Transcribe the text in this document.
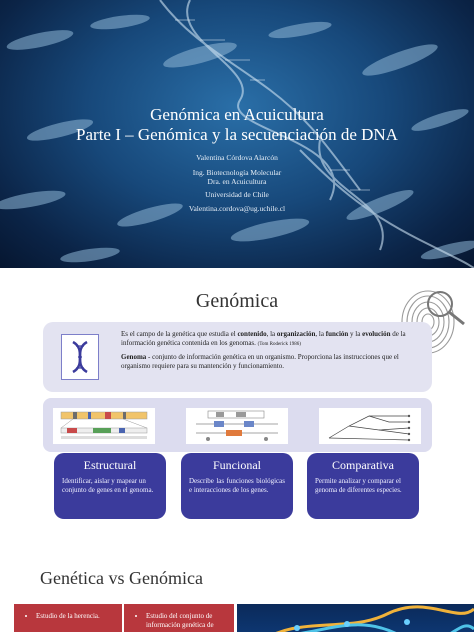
Genómica en Acuicultura
Parte I – Genómica y la secuenciación de DNA
Valentina Córdova Alarcón
Ing. Biotecnología Molecular
Dra. en Acuicultura
Universidad de Chile
Valentina.cordova@ug.uchile.cl
Genómica
Es el campo de la genética que estudia el contenido, la organización, la función y la evolución de la información genética contenida en los genomas. (Tom Roderick 1986)
Genoma - conjunto de información genética en un organismo. Proporciona las instrucciones que el organismo requiere para su mantención y funcionamiento.
Estructural
Identificar, aislar y mapear un conjunto de genes en el genoma.
Funcional
Describe las funciones biológicas e interacciones de los genes.
Comparativa
Permite analizar y comparar el genoma de diferentes especies.
Genética vs Genómica
• Estudio de la herencia.
•	Estudio del conjunto de información genética de
